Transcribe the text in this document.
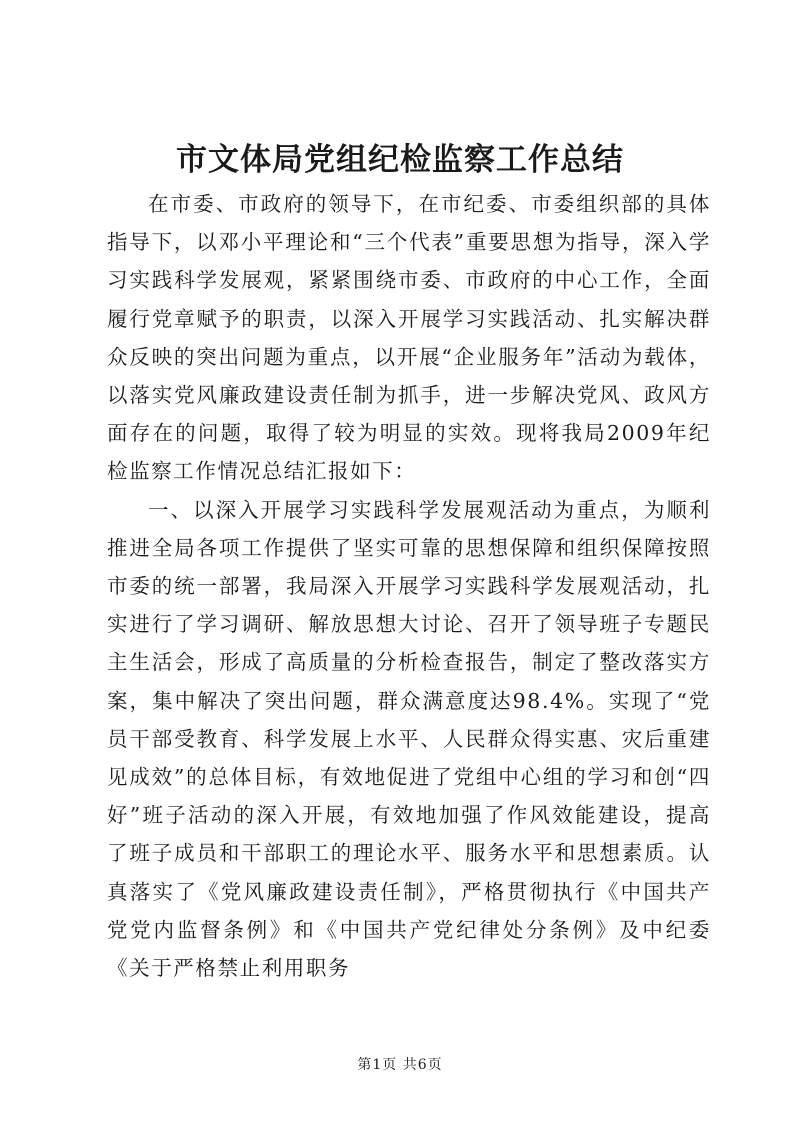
市文体局党组纪检监察工作总结

在市委、市政府的领导下，在市纪委、市委组织部的具体指导下，以邓小平理论和“三个代表”重要思想为指导，深入学习实践科学发展观，紧紧围绕市委、市政府的中心工作，全面履行党章赋予的职责，以深入开展学习实践活动、扎实解决群众反映的突出问题为重点，以开展“企业服务年”活动为载体，以落实党风廉政建设责任制为抓手，进一步解决党风、政风方面存在的问题，取得了较为明显的实效。现将我局2009年纪检监察工作情况总结汇报如下：

一、以深入开展学习实践科学发展观活动为重点，为顺利推进全局各项工作提供了坚实可靠的思想保障和组织保障按照市委的统一部署，我局深入开展学习实践科学发展观活动，扎实进行了学习调研、解放思想大讨论、召开了领导班子专题民主生活会，形成了高质量的分析检查报告，制定了整改落实方案，集中解决了突出问题，群众满意度达98.4%。实现了“党员干部受教育、科学发展上水平、人民群众得实惠、灾后重建见成效”的总体目标，有效地促进了党组中心组的学习和创“四好”班子活动的深入开展，有效地加强了作风效能建设，提高了班子成员和干部职工的理论水平、服务水平和思想素质。认真落实了《党风廉政建设责任制》，严格贯彻执行《中国共产党党内监督条例》和《中国共产党纪律处分条例》及中纪委《关于严格禁止利用职务

第1页 共6页
